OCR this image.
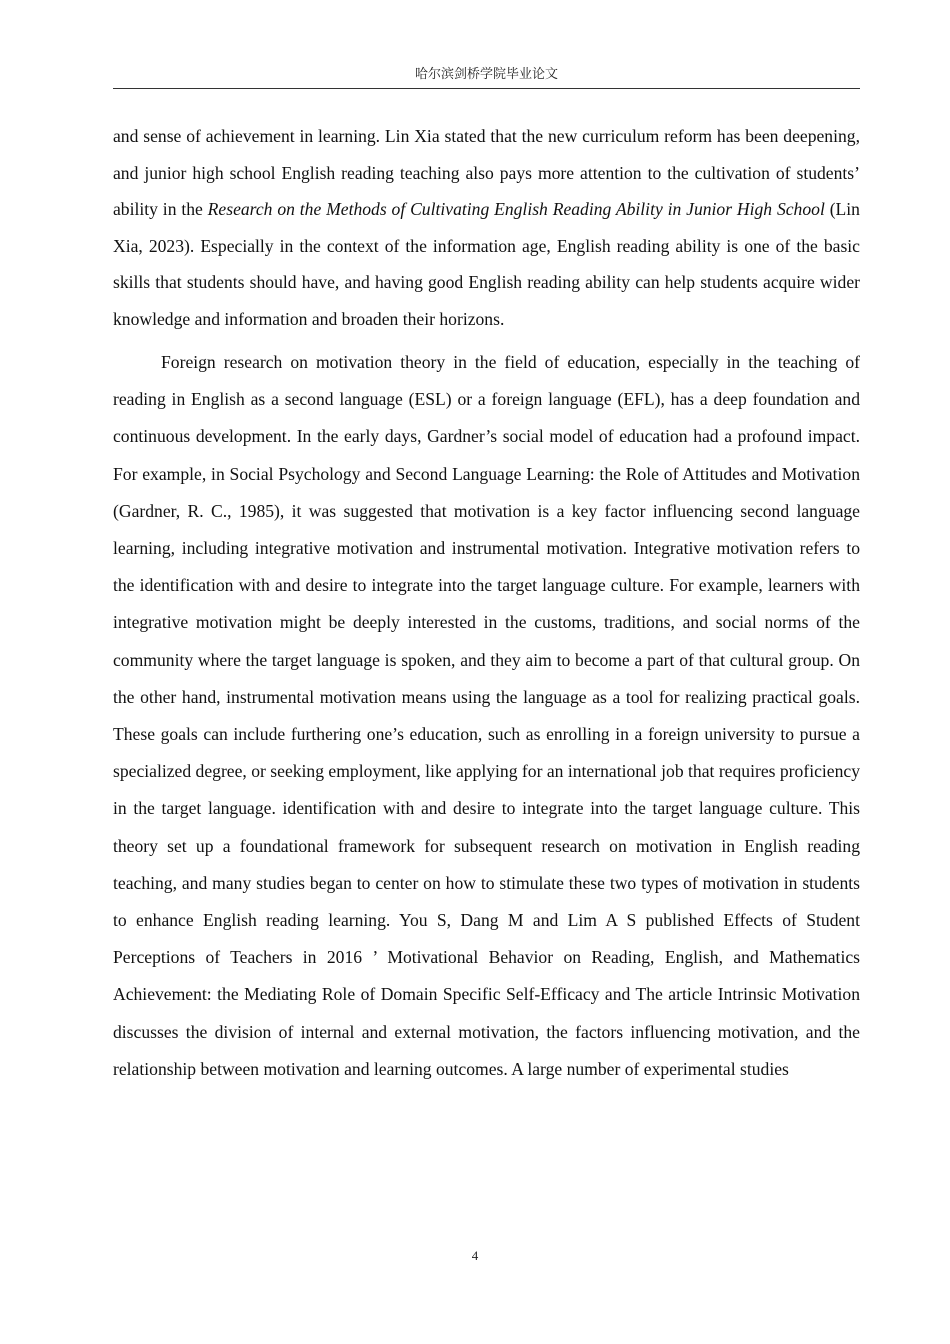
哈尔滨剑桥学院毕业论文

and sense of achievement in learning. Lin Xia stated that the new curriculum reform has been deepening, and junior high school English reading teaching also pays more attention to the cultivation of students’ ability in the Research on the Methods of Cultivating English Reading Ability in Junior High School (Lin Xia, 2023). Especially in the context of the information age, English reading ability is one of the basic skills that students should have, and having good English reading ability can help students acquire wider knowledge and information and broaden their horizons.

Foreign research on motivation theory in the field of education, especially in the teaching of reading in English as a second language (ESL) or a foreign language (EFL), has a deep foundation and continuous development. In the early days, Gardner’s social model of education had a profound impact. For example, in Social Psychology and Second Language Learning: the Role of Attitudes and Motivation (Gardner, R. C., 1985), it was suggested that motivation is a key factor influencing second language learning, including integrative motivation and instrumental motivation. Integrative motivation refers to the identification with and desire to integrate into the target language culture. For example, learners with integrative motivation might be deeply interested in the customs, traditions, and social norms of the community where the target language is spoken, and they aim to become a part of that cultural group. On the other hand, instrumental motivation means using the language as a tool for realizing practical goals. These goals can include furthering one’s education, such as enrolling in a foreign university to pursue a specialized degree, or seeking employment, like applying for an international job that requires proficiency in the target language. identification with and desire to integrate into the target language culture. This theory set up a foundational framework for subsequent research on motivation in English reading teaching, and many studies began to center on how to stimulate these two types of motivation in students to enhance English reading learning. You S, Dang M and Lim A S published Effects of Student Perceptions of Teachers in 2016 ’ Motivational Behavior on Reading, English, and Mathematics Achievement: the Mediating Role of Domain Specific Self-Efficacy and The article Intrinsic Motivation discusses the division of internal and external motivation, the factors influencing motivation, and the relationship between motivation and learning outcomes. A large number of experimental studies

4
